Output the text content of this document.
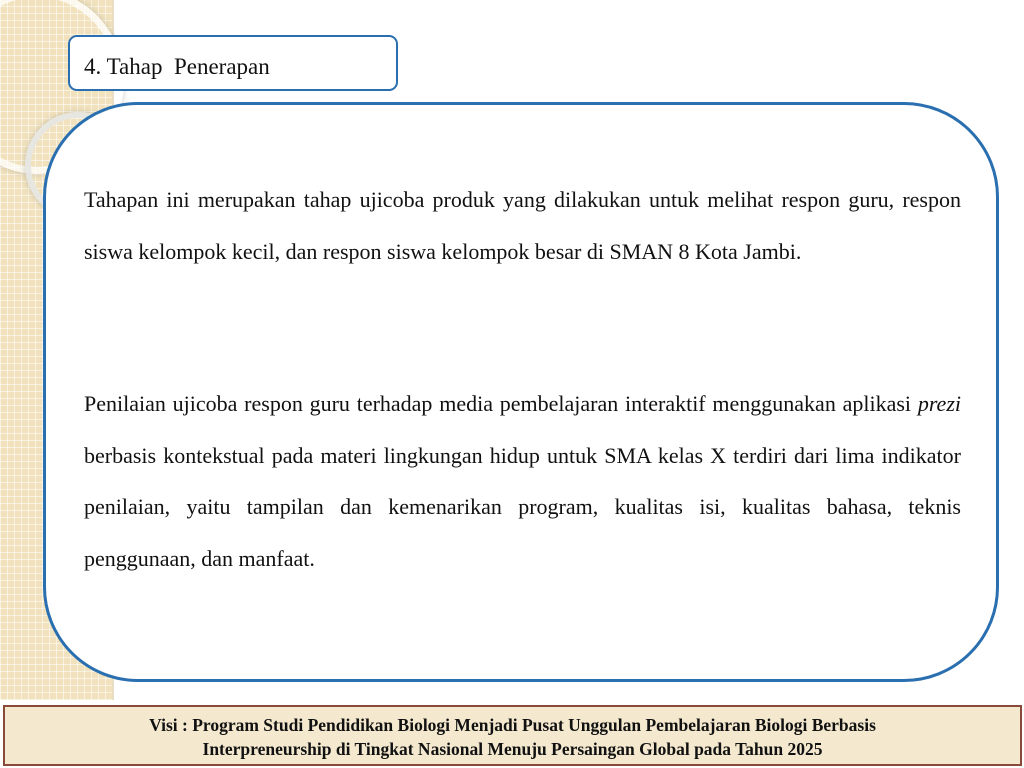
4. Tahap  Penerapan

Tahapan ini merupakan tahap ujicoba produk yang dilakukan untuk melihat respon guru, respon siswa kelompok kecil, dan respon siswa kelompok besar di SMAN 8 Kota Jambi.

Penilaian ujicoba respon guru terhadap media pembelajaran interaktif menggunakan aplikasi prezi berbasis kontekstual pada materi lingkungan hidup untuk SMA kelas X terdiri dari lima indikator penilaian, yaitu tampilan dan kemenarikan program, kualitas isi, kualitas bahasa, teknis penggunaan, dan manfaat.

Visi : Program Studi Pendidikan Biologi Menjadi Pusat Unggulan Pembelajaran Biologi Berbasis
Interpreneurship di Tingkat Nasional Menuju Persaingan Global pada Tahun 2025
